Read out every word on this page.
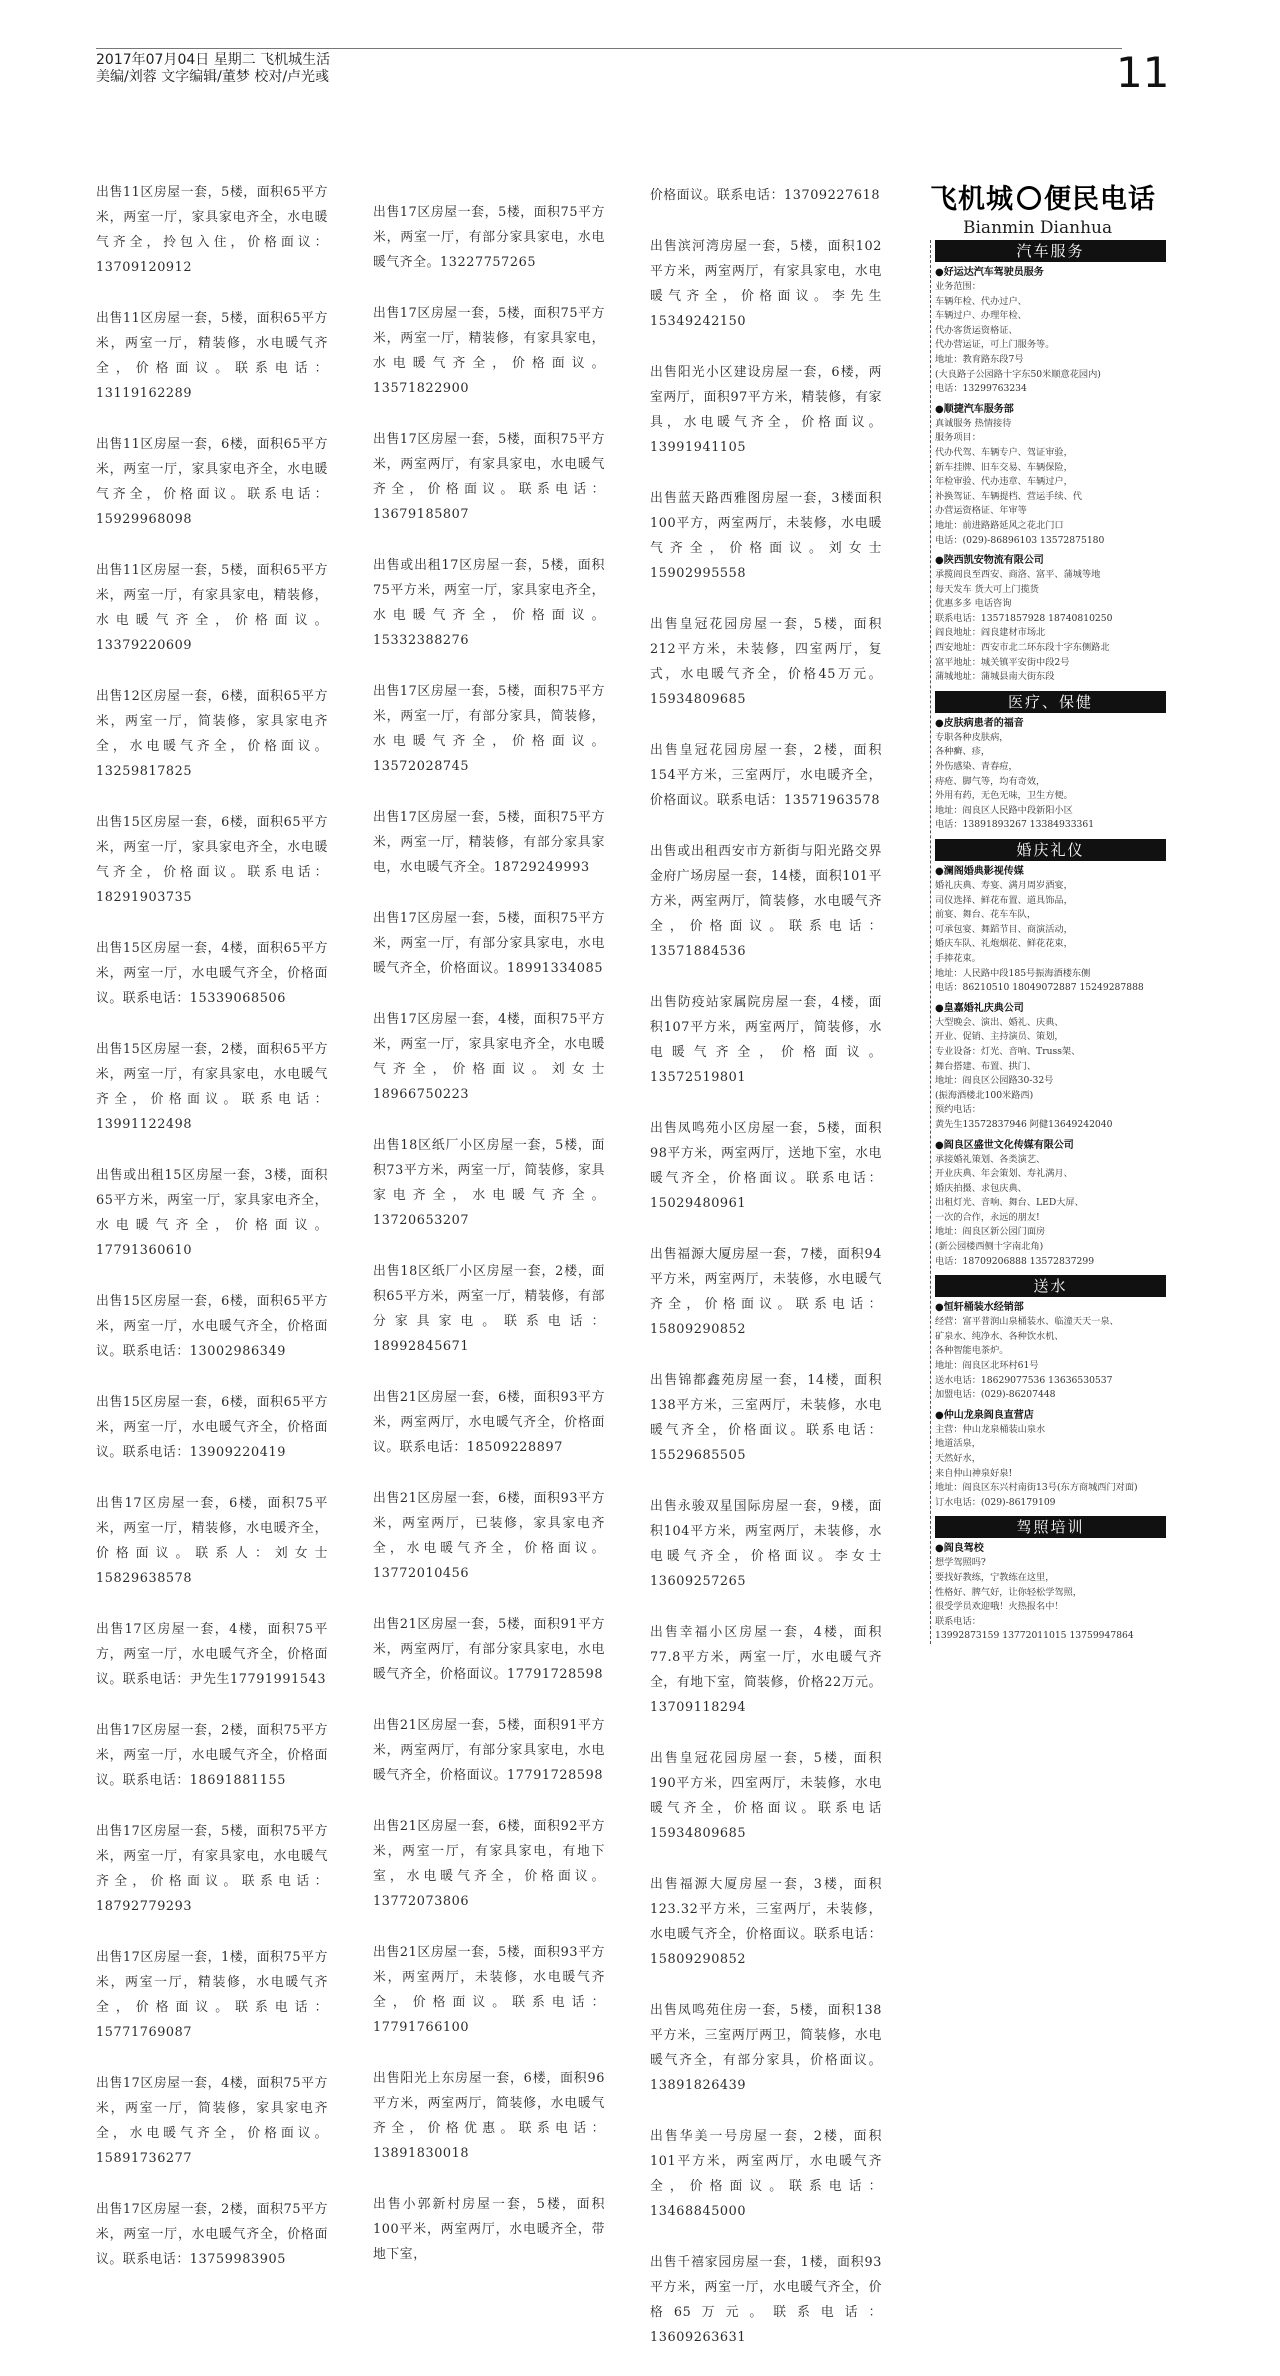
2017年07月04日 星期二 飞机城生活
美编/刘蓉 文字编辑/董梦 校对/卢光彧	11

出售11区房屋一套，5楼，面积65平方米，两室一厅，家具家电齐全，水电暖气齐全，拎包入住，价格面议：13709120912

出售11区房屋一套，5楼，面积65平方米，两室一厅，精装修，水电暖气齐全，价格面议。联系电话：13119162289

出售11区房屋一套，6楼，面积65平方米，两室一厅，家具家电齐全，水电暖气齐全，价格面议。联系电话：15929968098

出售11区房屋一套，5楼，面积65平方米，两室一厅，有家具家电，精装修，水电暖气齐全，价格面议。13379220609

出售12区房屋一套，6楼，面积65平方米，两室一厅，简装修，家具家电齐全，水电暖气齐全，价格面议。13259817825

出售15区房屋一套，6楼，面积65平方米，两室一厅，家具家电齐全，水电暖气齐全，价格面议。联系电话：18291903735

出售15区房屋一套，4楼，面积65平方米，两室一厅，水电暖气齐全，价格面议。联系电话：15339068506

出售15区房屋一套，2楼，面积65平方米，两室一厅，有家具家电，水电暖气齐全，价格面议。联系电话：13991122498

出售或出租15区房屋一套，3楼，面积65平方米，两室一厅，家具家电齐全，水电暖气齐全，价格面议。17791360610

出售15区房屋一套，6楼，面积65平方米，两室一厅，水电暖气齐全，价格面议。联系电话：13002986349

出售15区房屋一套，6楼，面积65平方米，两室一厅，水电暖气齐全，价格面议。联系电话：13909220419

出售17区房屋一套，6楼，面积75平米，两室一厅，精装修，水电暖齐全，价格面议。联系人：刘女士15829638578

出售17区房屋一套，4楼，面积75平方，两室一厅，水电暖气齐全，价格面议。联系电话：尹先生17791991543

出售17区房屋一套，2楼，面积75平方米，两室一厅，水电暖气齐全，价格面议。联系电话：18691881155

出售17区房屋一套，5楼，面积75平方米，两室一厅，有家具家电，水电暖气齐全，价格面议。联系电话：18792779293

出售17区房屋一套，1楼，面积75平方米，两室一厅，精装修，水电暖气齐全，价格面议。联系电话：15771769087

出售17区房屋一套，4楼，面积75平方米，两室一厅，简装修，家具家电齐全，水电暖气齐全，价格面议。15891736277

出售17区房屋一套，2楼，面积75平方米，两室一厅，水电暖气齐全，价格面议。联系电话：13759983905

出售17区房屋一套，5楼，面积75平方米，两室一厅，有部分家具家电，水电暖气齐全。13227757265

出售17区房屋一套，5楼，面积75平方米，两室一厅，精装修，有家具家电，水电暖气齐全，价格面议。13571822900

出售17区房屋一套，5楼，面积75平方米，两室两厅，有家具家电，水电暖气齐全，价格面议。联系电话：13679185807

出售或出租17区房屋一套，5楼，面积75平方米，两室一厅，家具家电齐全，水电暖气齐全，价格面议。15332388276

出售17区房屋一套，5楼，面积75平方米，两室一厅，有部分家具，简装修，水电暖气齐全，价格面议。13572028745

出售17区房屋一套，5楼，面积75平方米，两室一厅，精装修，有部分家具家电，水电暖气齐全。18729249993

出售17区房屋一套，5楼，面积75平方米，两室一厅，有部分家具家电，水电暖气齐全，价格面议。18991334085

出售17区房屋一套，4楼，面积75平方米，两室一厅，家具家电齐全，水电暖气齐全，价格面议。刘女士18966750223

出售18区纸厂小区房屋一套，5楼，面积73平方米，两室一厅，简装修，家具家电齐全，水电暖气齐全。13720653207

出售18区纸厂小区房屋一套，2楼，面积65平方米，两室一厅，精装修，有部分家具家电。联系电话：18992845671

出售21区房屋一套，6楼，面积93平方米，两室两厅，水电暖气齐全，价格面议。联系电话：18509228897

出售21区房屋一套，6楼，面积93平方米，两室两厅，已装修，家具家电齐全，水电暖气齐全，价格面议。13772010456

出售21区房屋一套，5楼，面积91平方米，两室两厅，有部分家具家电，水电暖气齐全，价格面议。17791728598

出售21区房屋一套，5楼，面积91平方米，两室两厅，有部分家具家电，水电暖气齐全，价格面议。17791728598

出售21区房屋一套，6楼，面积92平方米，两室一厅，有家具家电，有地下室，水电暖气齐全，价格面议。13772073806

出售21区房屋一套，5楼，面积93平方米，两室两厅，未装修，水电暖气齐全，价格面议。联系电话：17791766100

出售阳光上东房屋一套，6楼，面积96平方米，两室两厅，简装修，水电暖气齐全，价格优惠。联系电话：13891830018

出售小郭新村房屋一套，5楼，面积100平米，两室两厅，水电暖齐全，带地下室，

价格面议。联系电话：13709227618

出售滨河湾房屋一套，5楼，面积102平方米，两室两厅，有家具家电，水电暖气齐全，价格面议。李先生15349242150

出售阳光小区建设房屋一套，6楼，两室两厅，面积97平方米，精装修，有家具，水电暖气齐全，价格面议。13991941105

出售蓝天路西雅图房屋一套，3楼面积100平方，两室两厅，未装修，水电暖气齐全，价格面议。刘女士15902995558

出售皇冠花园房屋一套，5楼，面积212平方米，未装修，四室两厅，复式，水电暖气齐全，价格45万元。15934809685

出售皇冠花园房屋一套，2楼，面积154平方米，三室两厅，水电暖齐全，价格面议。联系电话：13571963578

出售或出租西安市方新街与阳光路交界金府广场房屋一套，14楼，面积101平方米，两室两厅，简装修，水电暖气齐全，价格面议。联系电话：13571884536

出售防疫站家属院房屋一套，4楼，面积107平方米，两室两厅，简装修，水电暖气齐全，价格面议。13572519801

出售凤鸣苑小区房屋一套，5楼，面积98平方米，两室两厅，送地下室，水电暖气齐全，价格面议。联系电话：15029480961

出售福源大厦房屋一套，7楼，面积94平方米，两室两厅，未装修，水电暖气齐全，价格面议。联系电话：15809290852

出售锦都鑫苑房屋一套，14楼，面积138平方米，三室两厅，未装修，水电暖气齐全，价格面议。联系电话：15529685505

出售永骏双星国际房屋一套，9楼，面积104平方米，两室两厅，未装修，水电暖气齐全，价格面议。李女士13609257265

出售幸福小区房屋一套，4楼，面积77.8平方米，两室一厅，水电暖气齐全，有地下室，简装修，价格22万元。13709118294

出售皇冠花园房屋一套，5楼，面积190平方米，四室两厅，未装修，水电暖气齐全，价格面议。联系电话15934809685

出售福源大厦房屋一套，3楼，面积123.32平方米，三室两厅，未装修，水电暖气齐全，价格面议。联系电话：15809290852

出售凤鸣苑住房一套，5楼，面积138平方米，三室两厅两卫，简装修，水电暖气齐全，有部分家具，价格面议。13891826439

出售华美一号房屋一套，2楼，面积101平方米，两室两厅，水电暖气齐全，价格面议。联系电话：13468845000

出售千禧家园房屋一套，1楼，面积93平方米，两室一厅，水电暖气齐全，价格65万元。联系电话：13609263631

飞机城 便民电话
Bianmin Dianhua
汽车服务
●好运达汽车驾驶员服务
业务范围：
车辆年检、代办过户、
车辆过户、办理年检、
代办客货运资格证、
代办营运证，可上门服务等。
地址：教育路东段7号
(大良路子公园路十字东50米顺意花园内)
电话：13299763234
●顺捷汽车服务部
真诚服务 热情接待
服务项目：
代办代驾、车辆专户、驾证审验，
新车挂牌、旧车交易、车辆保险，
年检审验、代办违章、车辆过户，
补换驾证、车辆提档、营运手续、代
办营运资格证、年审等
地址：前进路路延风之花北门口
电话：(029)-86896103 13572875180
●陕西凯安物流有限公司
承揽阎良至西安、商洛、富平、蒲城等地
每天发车 货大可上门揽货
优惠多多 电话咨询
联系电话：13571857928 18740810250
阎良地址：阎良建材市场北
西安地址：西安市北二环东段十字东侧路北
富平地址：城关镇平安街中段2号
蒲城地址：蒲城县南大街东段
医疗、保健
●皮肤病患者的福音
专职各种皮肤病，
各种癣、疹，
外伤感染、青春痘，
痔疮、脚气等，均有奇效，
外用有药，无色无味，卫生方便。
地址：阎良区人民路中段新阳小区
电话：13891893267 13384933361
婚庆礼仪
●澜阁婚典影视传媒
婚礼庆典、寿宴、满月周岁酒宴，
司仪选择、鲜花布置、道具饰品，
前宴、舞台、花车车队，
可承包宴、舞蹈节目、商演活动，
婚庆车队、礼炮烟花、鲜花花束，
手捧花束。
地址：人民路中段185号振海酒楼东侧
电话：86210510 18049072887 15249287888
●皇嘉婚礼庆典公司
大型晚会、演出、婚礼、庆典、
开业、促销、主持演员、策划，
专业设备：灯光、音响、Truss架、
舞台搭建、布置、拱门、
地址：阎良区公园路30-32号
(振海酒楼北100米路西)
预约电话：
黄先生13572837946 阿健13649242040
●阎良区盛世文化传媒有限公司
承接婚礼策划、各类演艺、
开业庆典、年会策划、寿礼满月、
婚庆拍摄、求包庆典、
出租灯光、音响、舞台、LED大屏、
一次的合作，永远的朋友!
地址：阎良区新公园门面房
(新公园楼西侧十字南北角)
电话：18709206888 13572837299
送水
●恒轩桶装水经销部
经营：富平普润山泉桶装水、临潼天天一泉、
矿泉水、纯净水、各种饮水机、
各种智能电茶炉。
地址：阎良区北环村61号
送水电话：18629077536 13636530537
加盟电话：(029)-86207448
●仲山龙泉阎良直营店
主营：仲山龙泉桶装山泉水
地道活泉，
天然好水，
来自仲山神泉好泉!
地址：阎良区东兴村南街13号(东方商城西门对面)
订水电话：(029)-86179109
驾照培训
●阎良驾校
想学驾照吗?
要找好教练，宁教练在这里，
性格好、脾气好，让你轻松学驾照，
很受学员欢迎哦！火热报名中！
联系电话：
13992873159 13772011015 13759947864
